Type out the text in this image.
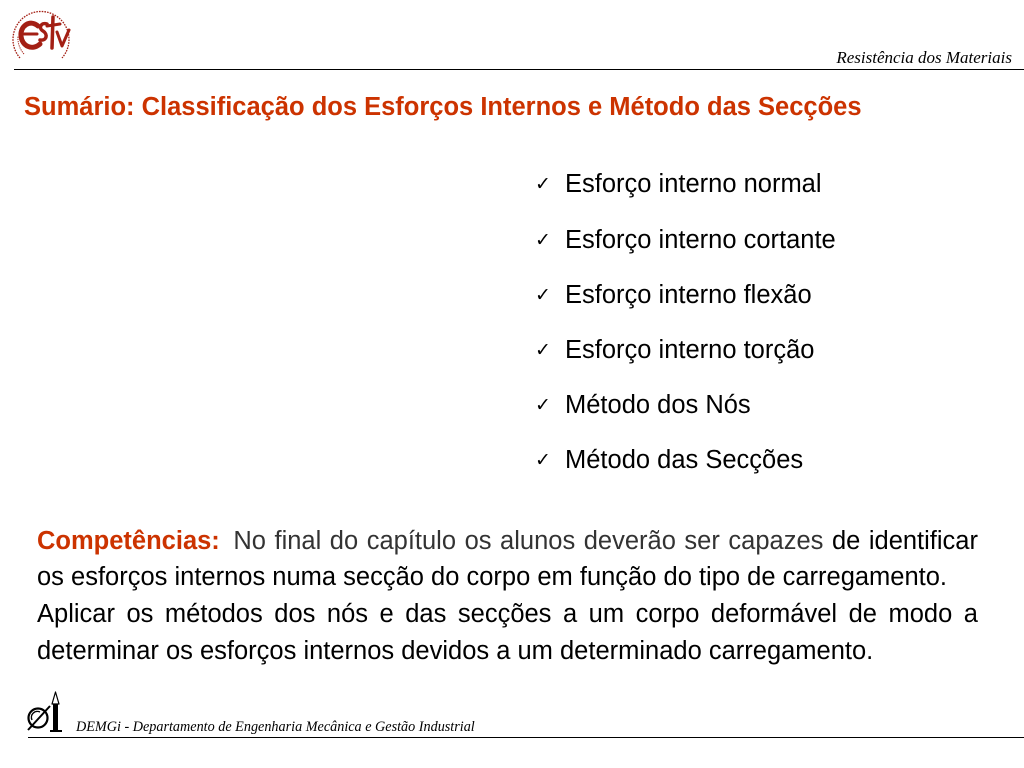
Resistência dos Materiais
Sumário: Classificação dos Esforços Internos e Método das Secções
✓
Esforço interno normal
✓
Esforço interno cortante
✓
Esforço interno flexão
✓
Esforço interno torção
✓
Método dos Nós
✓
Método das Secções

Competências: No final do capítulo os alunos deverão ser capazes de identificar os esforços internos numa secção do corpo em função do tipo de carregamento.

Aplicar os métodos dos nós e das secções a um corpo deformável de modo a determinar os esforços internos devidos a um determinado carregamento.

DEMGi - Departamento de Engenharia Mecânica e Gestão Industrial
